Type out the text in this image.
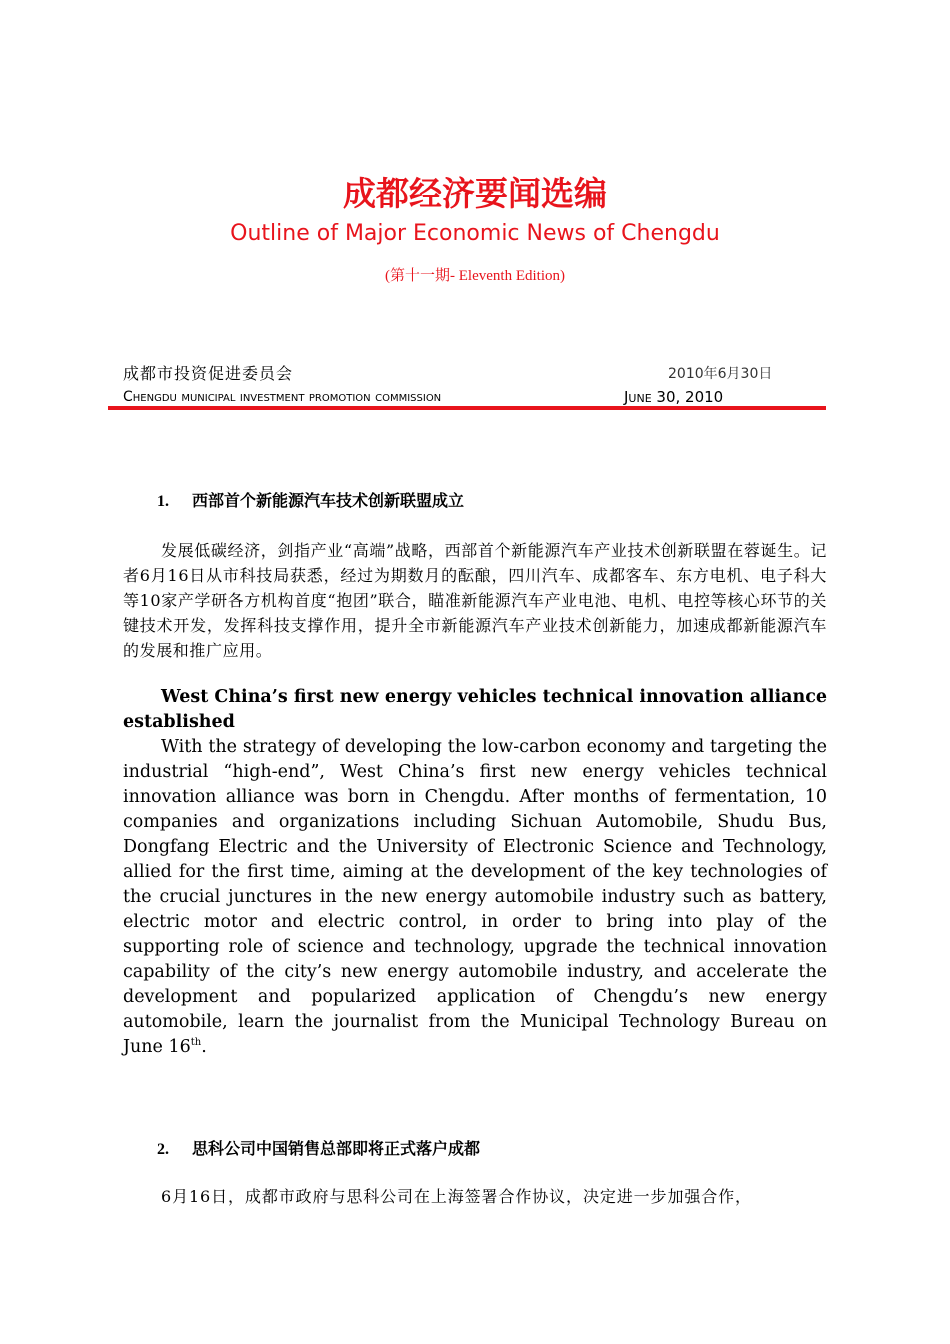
成都经济要闻选编
Outline of Major Economic News of Chengdu
(第十一期- Eleventh Edition)
成都市投资促进委员会	2010年6月30日
Chengdu municipal investment promotion commission	June 30, 2010
1. 西部首个新能源汽车技术创新联盟成立
发展低碳经济，剑指产业“高端”战略，西部首个新能源汽车产业技术创新联盟在蓉诞生。记者6月16日从市科技局获悉，经过为期数月的酝酿，四川汽车、成都客车、东方电机、电子科大等10家产学研各方机构首度“抱团”联合，瞄准新能源汽车产业电池、电机、电控等核心环节的关键技术开发，发挥科技支撑作用，提升全市新能源汽车产业技术创新能力，加速成都新能源汽车的发展和推广应用。
West China’s first new energy vehicles technical innovation alliance established
With the strategy of developing the low-carbon economy and targeting the industrial “high-end”, West China’s first new energy vehicles technical innovation alliance was born in Chengdu. After months of fermentation, 10 companies and organizations including Sichuan Automobile, Shudu Bus, Dongfang Electric and the University of Electronic Science and Technology, allied for the first time, aiming at the development of the key technologies of the crucial junctures in the new energy automobile industry such as battery, electric motor and electric control, in order to bring into play of the supporting role of science and technology, upgrade the technical innovation capability of the city’s new energy automobile industry, and accelerate the development and popularized application of Chengdu’s new energy automobile, learn the journalist from the Municipal Technology Bureau on June 16th.
2. 思科公司中国销售总部即将正式落户成都
6月16日，成都市政府与思科公司在上海签署合作协议，决定进一步加强合作，
